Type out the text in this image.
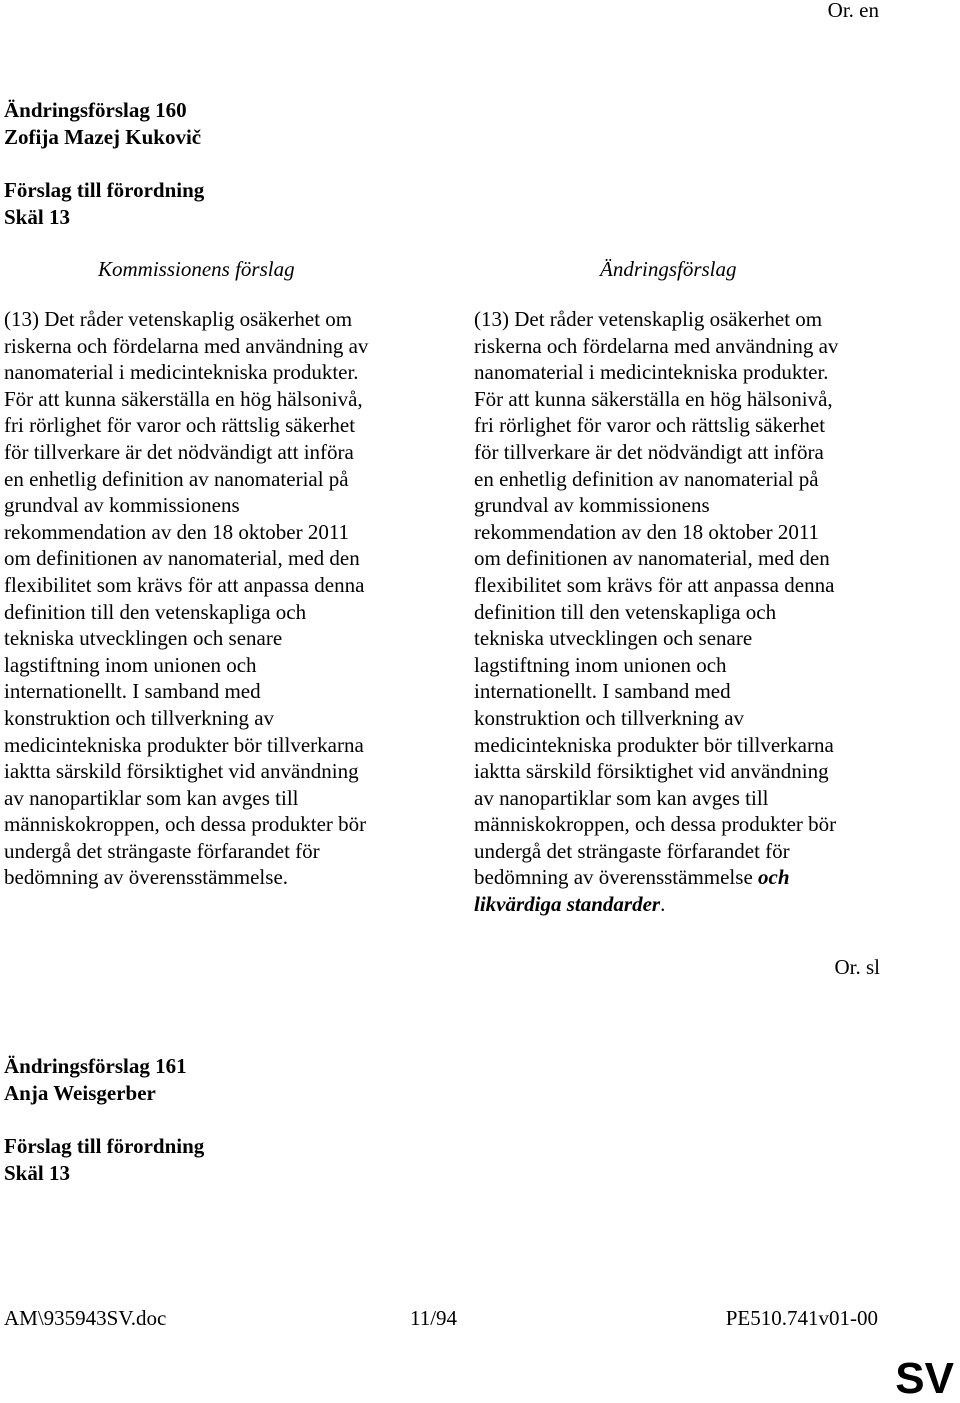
Or. en
Ändringsförslag 160
Zofija Mazej Kukovič
Förslag till förordning
Skäl 13
Kommissionens förslag	Ändringsförslag
(13) Det råder vetenskaplig osäkerhet om
riskerna och fördelarna med användning av
nanomaterial i medicintekniska produkter.
För att kunna säkerställa en hög hälsonivå,
fri rörlighet för varor och rättslig säkerhet
för tillverkare är det nödvändigt att införa
en enhetlig definition av nanomaterial på
grundval av kommissionens
rekommendation av den 18 oktober 2011
om definitionen av nanomaterial, med den
flexibilitet som krävs för att anpassa denna
definition till den vetenskapliga och
tekniska utvecklingen och senare
lagstiftning inom unionen och
internationellt. I samband med
konstruktion och tillverkning av
medicintekniska produkter bör tillverkarna
iaktta särskild försiktighet vid användning
av nanopartiklar som kan avges till
människokroppen, och dessa produkter bör
undergå det strängaste förfarandet för
bedömning av överensstämmelse.
(13) Det råder vetenskaplig osäkerhet om
riskerna och fördelarna med användning av
nanomaterial i medicintekniska produkter.
För att kunna säkerställa en hög hälsonivå,
fri rörlighet för varor och rättslig säkerhet
för tillverkare är det nödvändigt att införa
en enhetlig definition av nanomaterial på
grundval av kommissionens
rekommendation av den 18 oktober 2011
om definitionen av nanomaterial, med den
flexibilitet som krävs för att anpassa denna
definition till den vetenskapliga och
tekniska utvecklingen och senare
lagstiftning inom unionen och
internationellt. I samband med
konstruktion och tillverkning av
medicintekniska produkter bör tillverkarna
iaktta särskild försiktighet vid användning
av nanopartiklar som kan avges till
människokroppen, och dessa produkter bör
undergå det strängaste förfarandet för
bedömning av överensstämmelse och
likvärdiga standarder.
Or. sl
Ändringsförslag 161
Anja Weisgerber
Förslag till förordning
Skäl 13
AM\935943SV.doc	11/94	PE510.741v01-00
SV
